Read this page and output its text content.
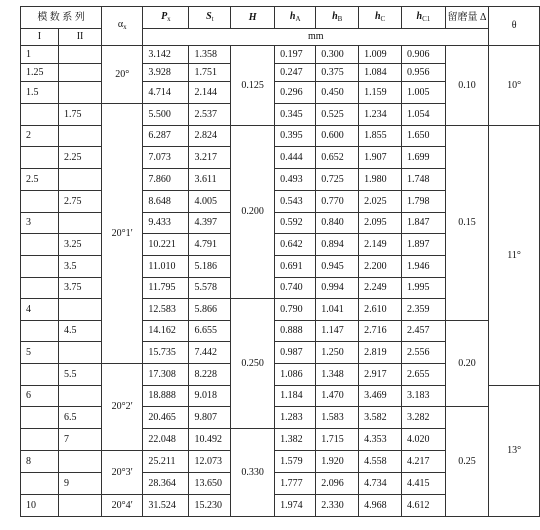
模 数 系 列		$\alpha_x$	$P_x$	$S_t$	H	$h_A$	$h_B$	$h_C$	$h_{C1}$	留磨量 Δ	θ
I	II		mm								
1		20°	3.142	1.358	0.125	0.197	0.300	1.009	0.906	0.10	10°
1.25			3.928	1.751		0.247	0.375	1.084	0.956		
1.5			4.714	2.144		0.296	0.450	1.159	1.005		
	1.75	20°1′	5.500	2.537		0.345	0.525	1.234	1.054		
2			6.287	2.824	0.200	0.395	0.600	1.855	1.650	0.15	11°
	2.25		7.073	3.217		0.444	0.652	1.907	1.699		
2.5			7.860	3.611		0.493	0.725	1.980	1.748		
	2.75		8.648	4.005		0.543	0.770	2.025	1.798		
3			9.433	4.397		0.592	0.840	2.095	1.847		
	3.25		10.221	4.791		0.642	0.894	2.149	1.897		
	3.5		11.010	5.186		0.691	0.945	2.200	1.946		
	3.75		11.795	5.578		0.740	0.994	2.249	1.995		
4			12.583	5.866	0.250	0.790	1.041	2.610	2.359		
	4.5		14.162	6.655		0.888	1.147	2.716	2.457	0.20	
5			15.735	7.442		0.987	1.250	2.819	2.556		
	5.5	20°2′	17.308	8.228		1.086	1.348	2.917	2.655		
6			18.888	9.018		1.184	1.470	3.469	3.183		13°
	6.5		20.465	9.807		1.283	1.583	3.582	3.282	0.25	
	7		22.048	10.492	0.330	1.382	1.715	4.353	4.020		
8		20°3′	25.211	12.073		1.579	1.920	4.558	4.217		
	9		28.364	13.650		1.777	2.096	4.734	4.415		
10		20°4′	31.524	15.230		1.974	2.330	4.968	4.612		
